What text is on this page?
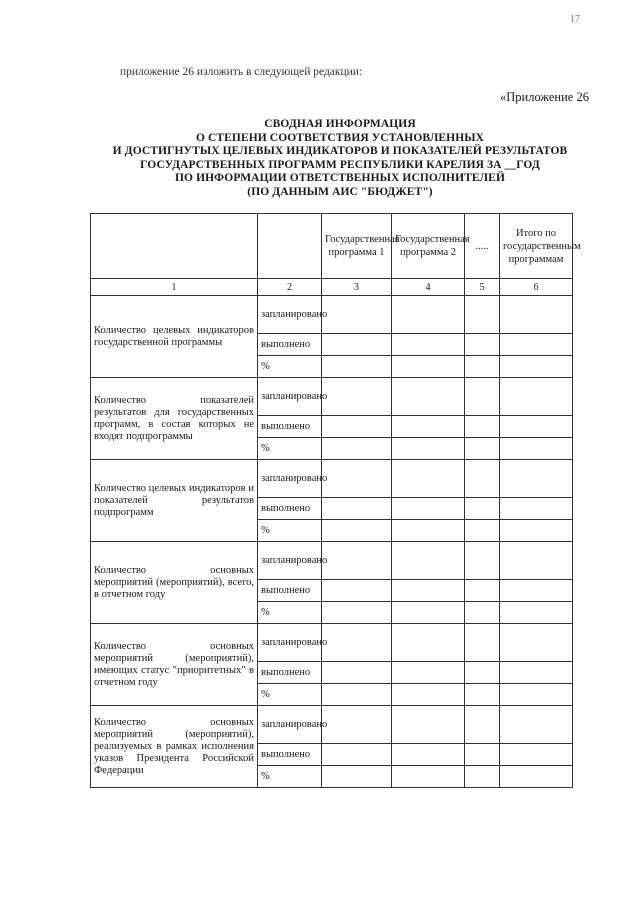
17
приложение 26 изложить в следующей редакции:
«Приложение 26
СВОДНАЯ ИНФОРМАЦИЯ
О СТЕПЕНИ СООТВЕТСТВИЯ УСТАНОВЛЕННЫХ
И ДОСТИГНУТЫХ ЦЕЛЕВЫХ ИНДИКАТОРОВ И ПОКАЗАТЕЛЕЙ РЕЗУЛЬТАТОВ
ГОСУДАРСТВЕННЫХ ПРОГРАММ РЕСПУБЛИКИ КАРЕЛИЯ ЗА __ГОД
ПО ИНФОРМАЦИИ ОТВЕТСТВЕННЫХ ИСПОЛНИТЕЛЕЙ
(ПО ДАННЫМ АИС "БЮДЖЕТ")
		Государственная программа 1	Государственная программа 2	.....	Итого по государственным программам
1	2	3	4	5	6
Количество целевых индикаторов государственной программы	запланировано				
	выполнено				
	%				
Количество показателей результатов для государственных программ, в состав которых не входят подпрограммы	запланировано				
	выполнено				
	%				
Количество целевых индикаторов и показателей результатов подпрограмм	запланировано				
	выполнено				
	%				
Количество основных мероприятий (мероприятий), всего, в отчетном году	запланировано				
	выполнено				
	%				
Количество основных мероприятий (мероприятий), имеющих статус "приоритетных" в отчетном году	запланировано				
	выполнено				
	%				
Количество основных мероприятий (мероприятий), реализуемых в рамках исполнения указов Президента Российской Федерации	запланировано				
	выполнено				
	%				
